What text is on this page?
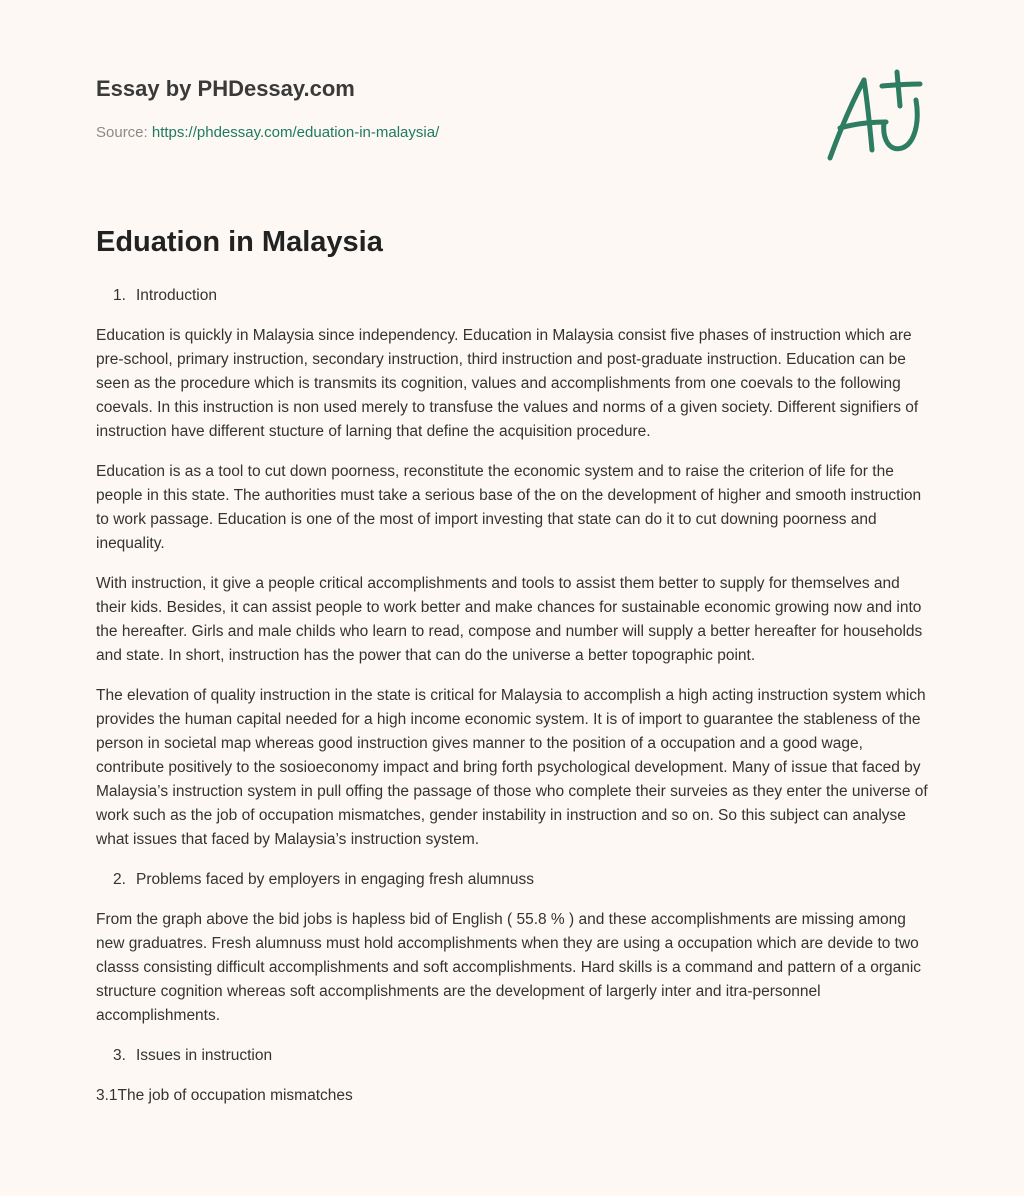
Essay by PHDessay.com

Source: https://phdessay.com/eduation-in-malaysia/
Eduation in Malaysia
1. Introduction

Education is quickly in Malaysia since independency. Education in Malaysia consist five phases of instruction which are pre-school, primary instruction, secondary instruction, third instruction and post-graduate instruction. Education can be seen as the procedure which is transmits its cognition, values and accomplishments from one coevals to the following coevals. In this instruction is non used merely to transfuse the values and norms of a given society. Different signifiers of instruction have different stucture of larning that define the acquisition procedure.

Education is as a tool to cut down poorness, reconstitute the economic system and to raise the criterion of life for the people in this state. The authorities must take a serious base of the on the development of higher and smooth instruction to work passage. Education is one of the most of import investing that state can do it to cut downing poorness and inequality.

With instruction, it give a people critical accomplishments and tools to assist them better to supply for themselves and their kids. Besides, it can assist people to work better and make chances for sustainable economic growing now and into the hereafter. Girls and male childs who learn to read, compose and number will supply a better hereafter for households and state. In short, instruction has the power that can do the universe a better topographic point.

The elevation of quality instruction in the state is critical for Malaysia to accomplish a high acting instruction system which provides the human capital needed for a high income economic system. It is of import to guarantee the stableness of the person in societal map whereas good instruction gives manner to the position of a occupation and a good wage, contribute positively to the sosioeconomy impact and bring forth psychological development. Many of issue that faced by Malaysia’s instruction system in pull offing the passage of those who complete their surveies as they enter the universe of work such as the job of occupation mismatches, gender instability in instruction and so on. So this subject can analyse what issues that faced by Malaysia’s instruction system.

2. Problems faced by employers in engaging fresh alumnuss

From the graph above the bid jobs is hapless bid of English ( 55.8 % ) and these accomplishments are missing among new graduatres. Fresh alumnuss must hold accomplishments when they are using a occupation which are devide to two classs consisting difficult accomplishments and soft accomplishments. Hard skills is a command and pattern of a organic structure cognition whereas soft accomplishments are the development of largerly inter and itra-personnel accomplishments.

3. Issues in instruction

3.1The job of occupation mismatches
